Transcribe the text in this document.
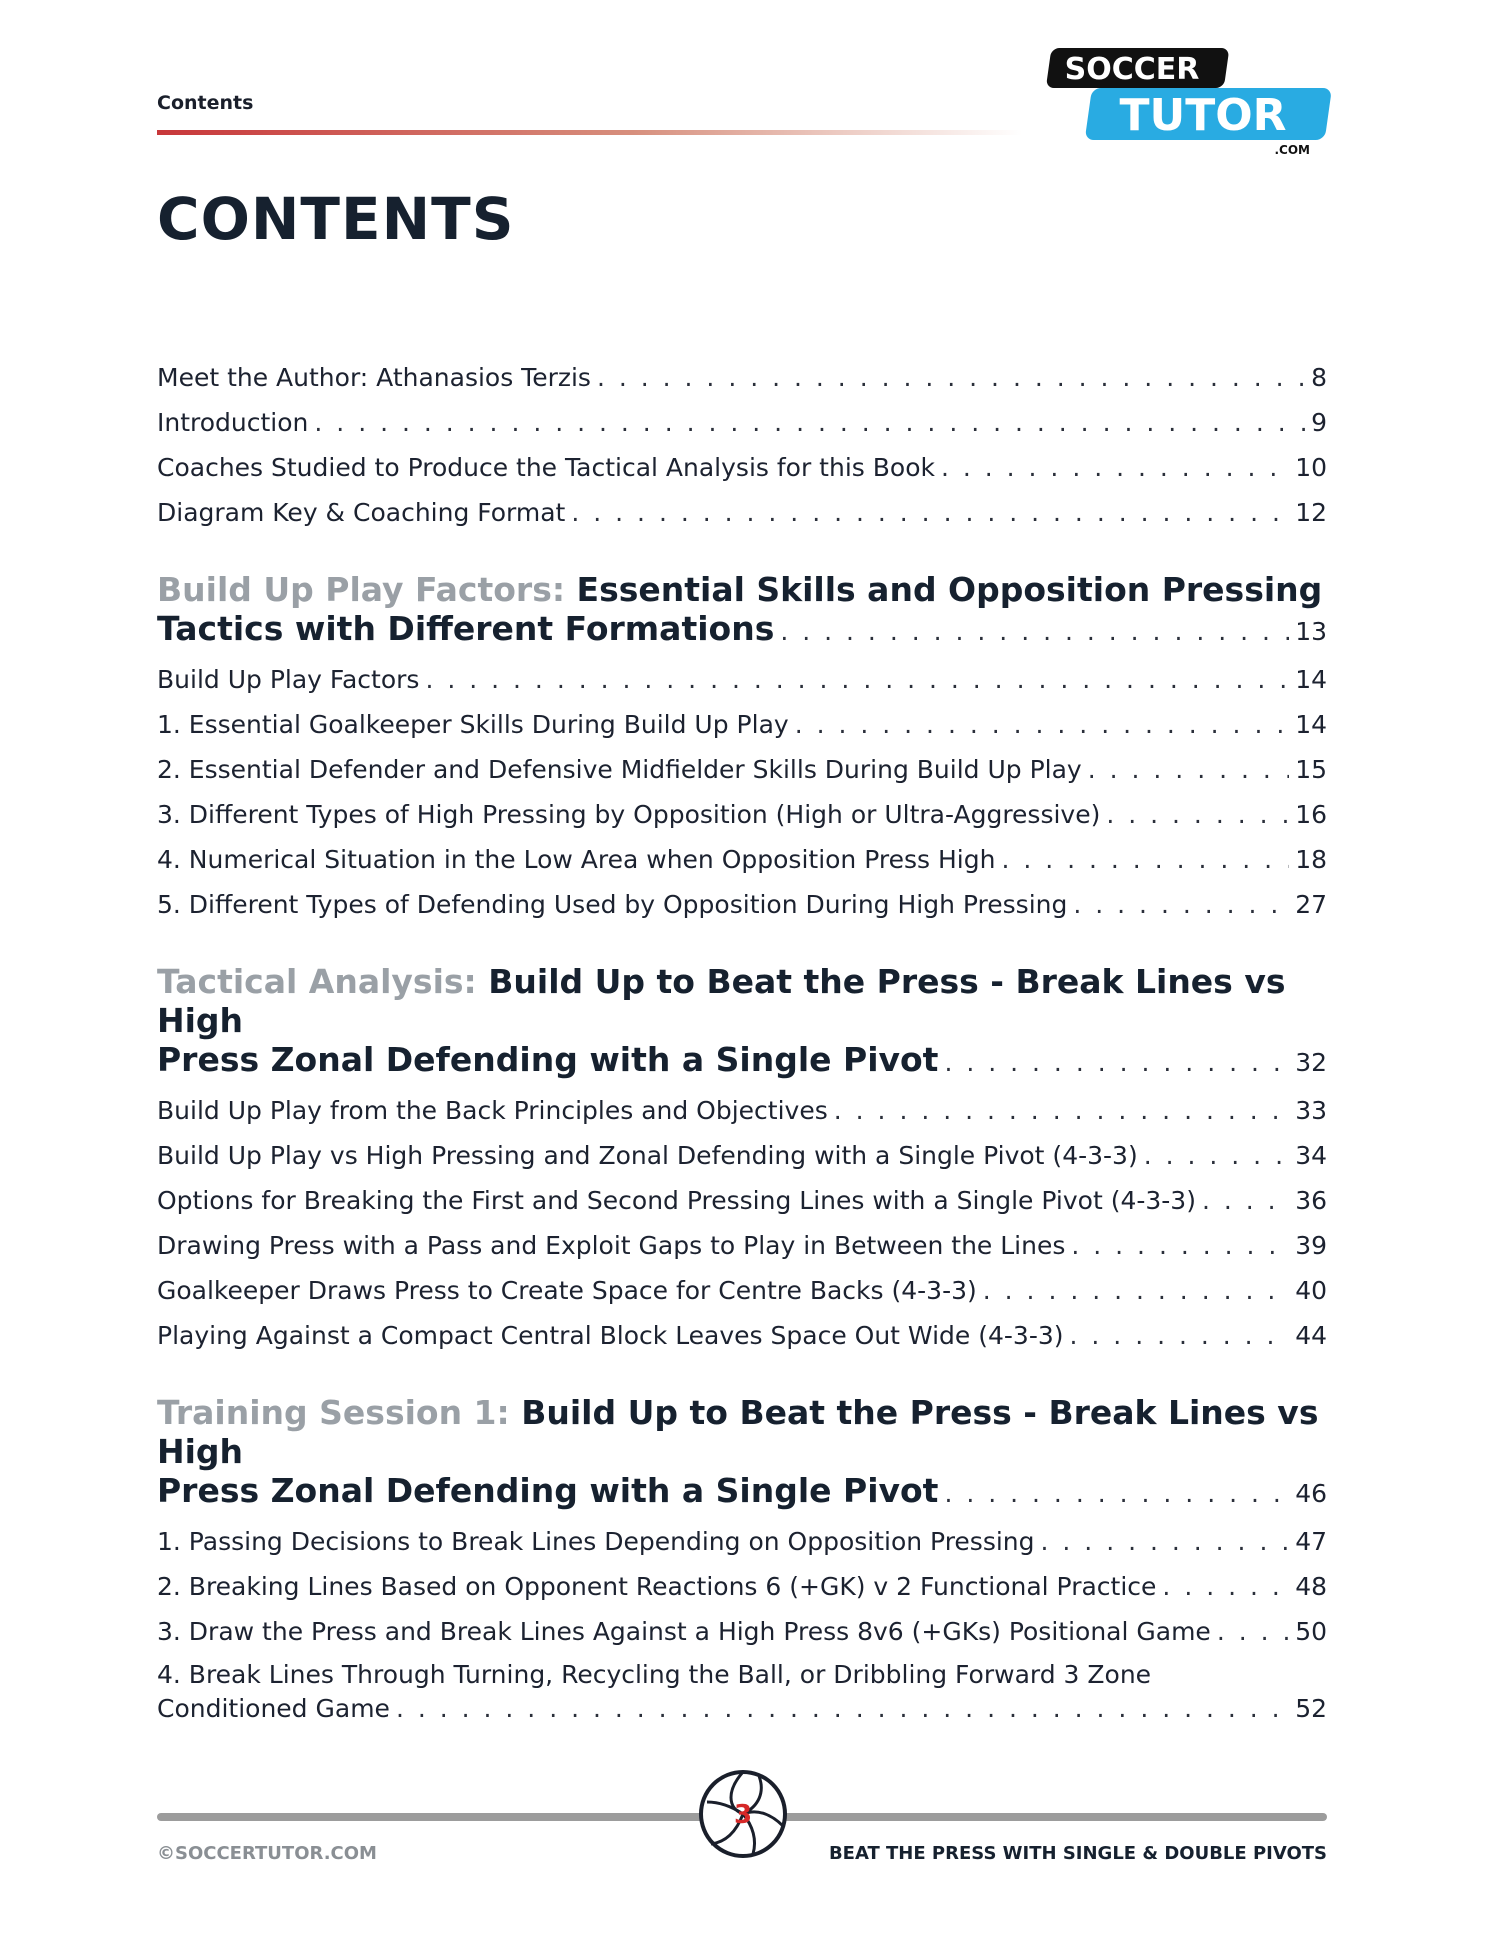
Contents
SOCCER
TUTOR
.COM
CONTENTS
Meet the Author: Athanasios Terzis . . .	8
Introduction . . .	9
Coaches Studied to Produce the Tactical Analysis for this Book . . .	10
Diagram Key & Coaching Format . . .	12
Build Up Play Factors: Essential Skills and Opposition Pressing
Tactics with Different Formations . . .	13
Build Up Play Factors . . .	14
1. Essential Goalkeeper Skills During Build Up Play . . .	14
2. Essential Defender and Defensive Midfielder Skills During Build Up Play . . .	15
3. Different Types of High Pressing by Opposition (High or Ultra-Aggressive) . . .	16
4. Numerical Situation in the Low Area when Opposition Press High . . .	18
5. Different Types of Defending Used by Opposition During High Pressing . . .	27
Tactical Analysis: Build Up to Beat the Press - Break Lines vs High
Press Zonal Defending with a Single Pivot . . .	32
Build Up Play from the Back Principles and Objectives . . .	33
Build Up Play vs High Pressing and Zonal Defending with a Single Pivot (4-3-3) . . .	34
Options for Breaking the First and Second Pressing Lines with a Single Pivot (4-3-3) . . .	36
Drawing Press with a Pass and Exploit Gaps to Play in Between the Lines . . .	39
Goalkeeper Draws Press to Create Space for Centre Backs (4-3-3) . . .	40
Playing Against a Compact Central Block Leaves Space Out Wide (4-3-3) . . .	44
Training Session 1: Build Up to Beat the Press - Break Lines vs High
Press Zonal Defending with a Single Pivot . . .	46
1. Passing Decisions to Break Lines Depending on Opposition Pressing . . .	47
2. Breaking Lines Based on Opponent Reactions 6 (+GK) v 2 Functional Practice . . .	48
3. Draw the Press and Break Lines Against a High Press 8v6 (+GKs) Positional Game . . .	50
4. Break Lines Through Turning, Recycling the Ball, or Dribbling Forward 3 Zone
Conditioned Game . . .	52
3
©SOCCERTUTOR.COM	BEAT THE PRESS WITH SINGLE & DOUBLE PIVOTS
